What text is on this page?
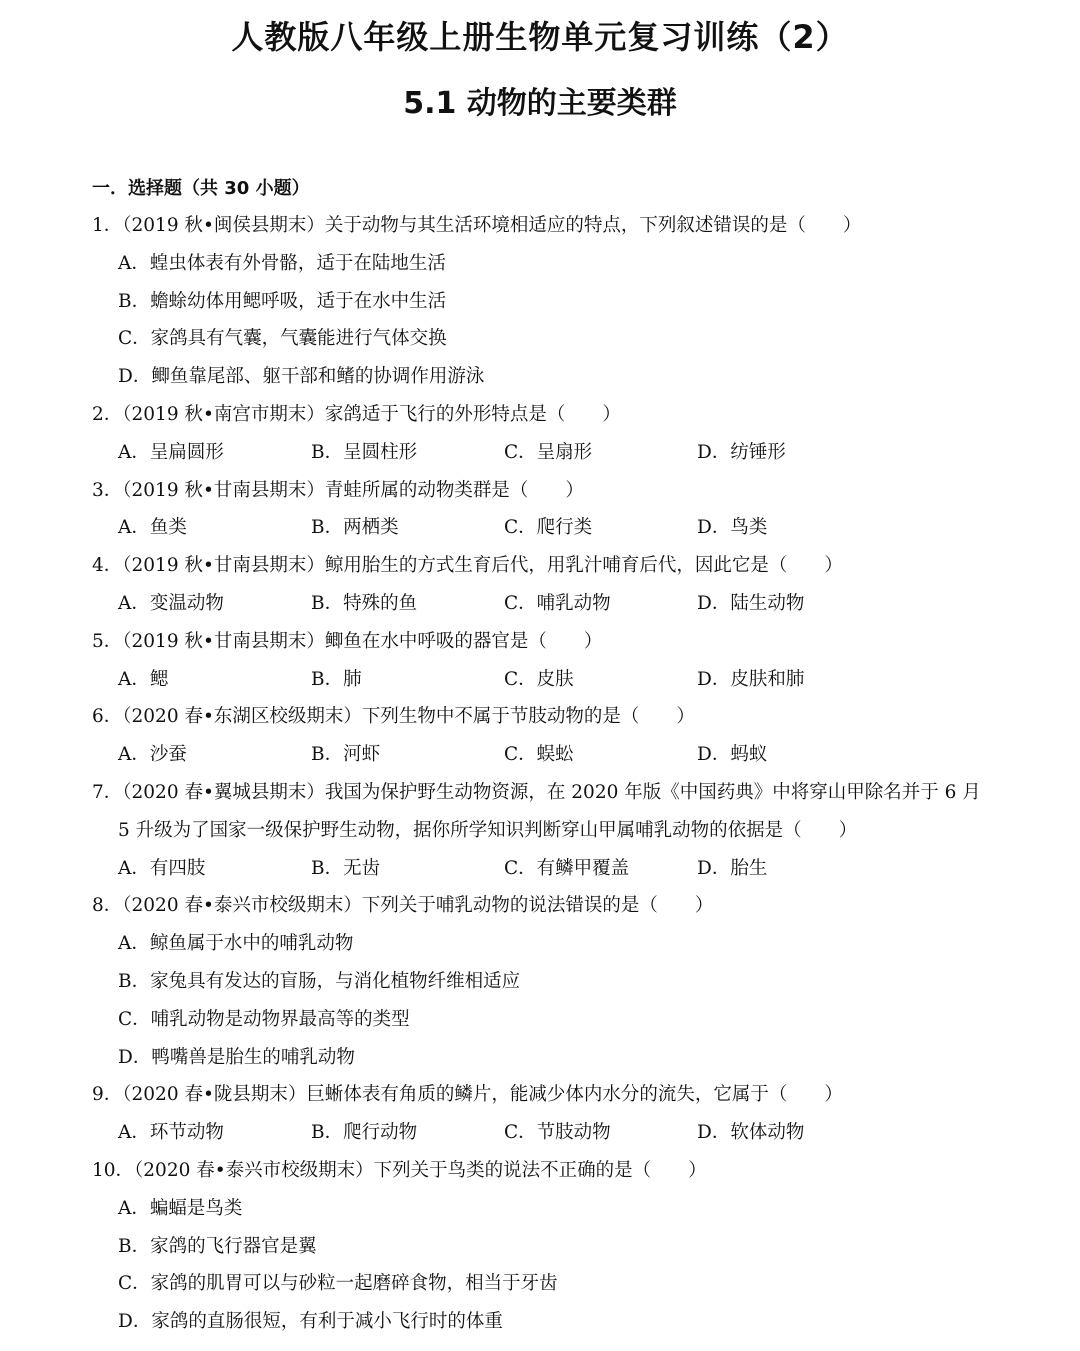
人教版八年级上册生物单元复习训练（2）
5.1 动物的主要类群
一．选择题（共 30 小题）
1．（2019 秋•闽侯县期末）关于动物与其生活环境相适应的特点，下列叙述错误的是（　　）
A．蝗虫体表有外骨骼，适于在陆地生活
B．蟾蜍幼体用鳃呼吸，适于在水中生活
C．家鸽具有气囊，气囊能进行气体交换
D．鲫鱼靠尾部、躯干部和鳍的协调作用游泳
2．（2019 秋•南宫市期末）家鸽适于飞行的外形特点是（　　）
A．呈扁圆形	B．呈圆柱形	C．呈扇形	D．纺锤形
3．（2019 秋•甘南县期末）青蛙所属的动物类群是（　　）
A．鱼类	B．两栖类	C．爬行类	D．鸟类
4．（2019 秋•甘南县期末）鲸用胎生的方式生育后代，用乳汁哺育后代，因此它是（　　）
A．变温动物	B．特殊的鱼	C．哺乳动物	D．陆生动物
5．（2019 秋•甘南县期末）鲫鱼在水中呼吸的器官是（　　）
A．鳃	B．肺	C．皮肤	D．皮肤和肺
6．（2020 春•东湖区校级期末）下列生物中不属于节肢动物的是（　　）
A．沙蚕	B．河虾	C．蜈蚣	D．蚂蚁
7．（2020 春•翼城县期末）我国为保护野生动物资源，在 2020 年版《中国药典》中将穿山甲除名并于 6 月
5 升级为了国家一级保护野生动物，据你所学知识判断穿山甲属哺乳动物的依据是（　　）
A．有四肢	B．无齿	C．有鳞甲覆盖	D．胎生
8．（2020 春•泰兴市校级期末）下列关于哺乳动物的说法错误的是（　　）
A．鲸鱼属于水中的哺乳动物
B．家兔具有发达的盲肠，与消化植物纤维相适应
C．哺乳动物是动物界最高等的类型
D．鸭嘴兽是胎生的哺乳动物
9．（2020 春•陇县期末）巨蜥体表有角质的鳞片，能减少体内水分的流失，它属于（　　）
A．环节动物	B．爬行动物	C．节肢动物	D．软体动物
10．（2020 春•泰兴市校级期末）下列关于鸟类的说法不正确的是（　　）
A．蝙蝠是鸟类
B．家鸽的飞行器官是翼
C．家鸽的肌胃可以与砂粒一起磨碎食物，相当于牙齿
D．家鸽的直肠很短，有利于减小飞行时的体重
